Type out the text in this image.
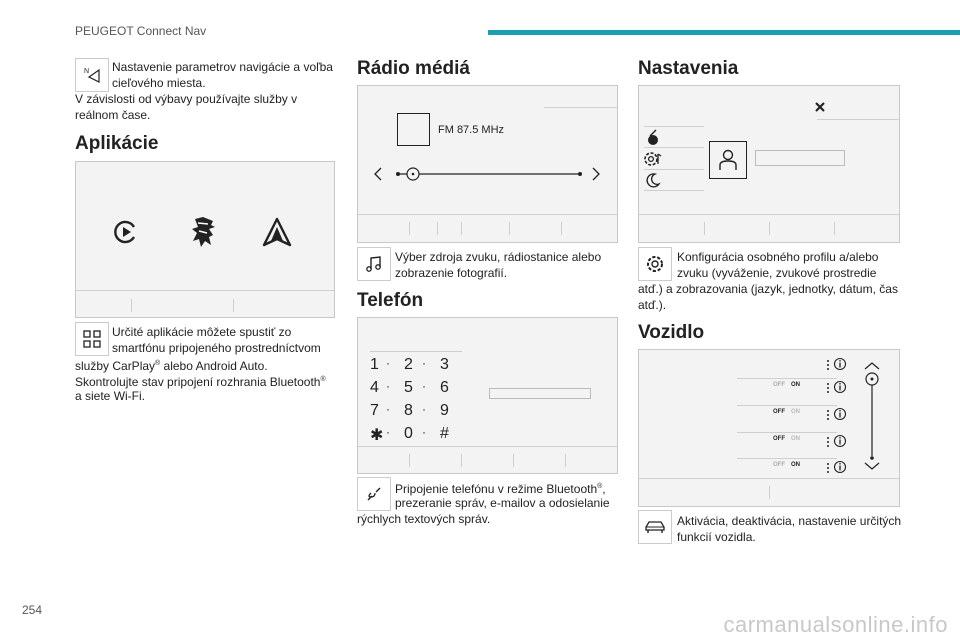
PEUGEOT Connect Nav
254
carmanualsonline.info
N Nastavenie parametrov navigácie a voľba
cieľového miesta.
V závislosti od výbavy používajte služby v
reálnom čase.
Aplikácie
Určité aplikácie môžete spustiť zo
smartfónu pripojeného prostredníctvom
služby CarPlay® alebo Android Auto.
Skontrolujte stav pripojení rozhrania Bluetooth®
a siete Wi-Fi.
Rádio médiá
FM 87.5 MHz
Výber zdroja zvuku, rádiostanice alebo
zobrazenie fotografií.
Telefón
1 · 2 · 3
4 · 5 · 6
7 · 8 · 9
✱ · 0 · #
Pripojenie telefónu v režime Bluetooth®,
prezeranie správ, e-mailov a odosielanie
rýchlych textových správ.
Nastavenia
Konfigurácia osobného profilu a/alebo
zvuku (vyváženie, zvukové prostredie
atď.) a zobrazovania (jazyk, jednotky, dátum, čas
atď.).
Vozidlo
OFF ON
OFF ON
OFF ON
OFF ON
Aktivácia, deaktivácia, nastavenie určitých
funkcií vozidla.
